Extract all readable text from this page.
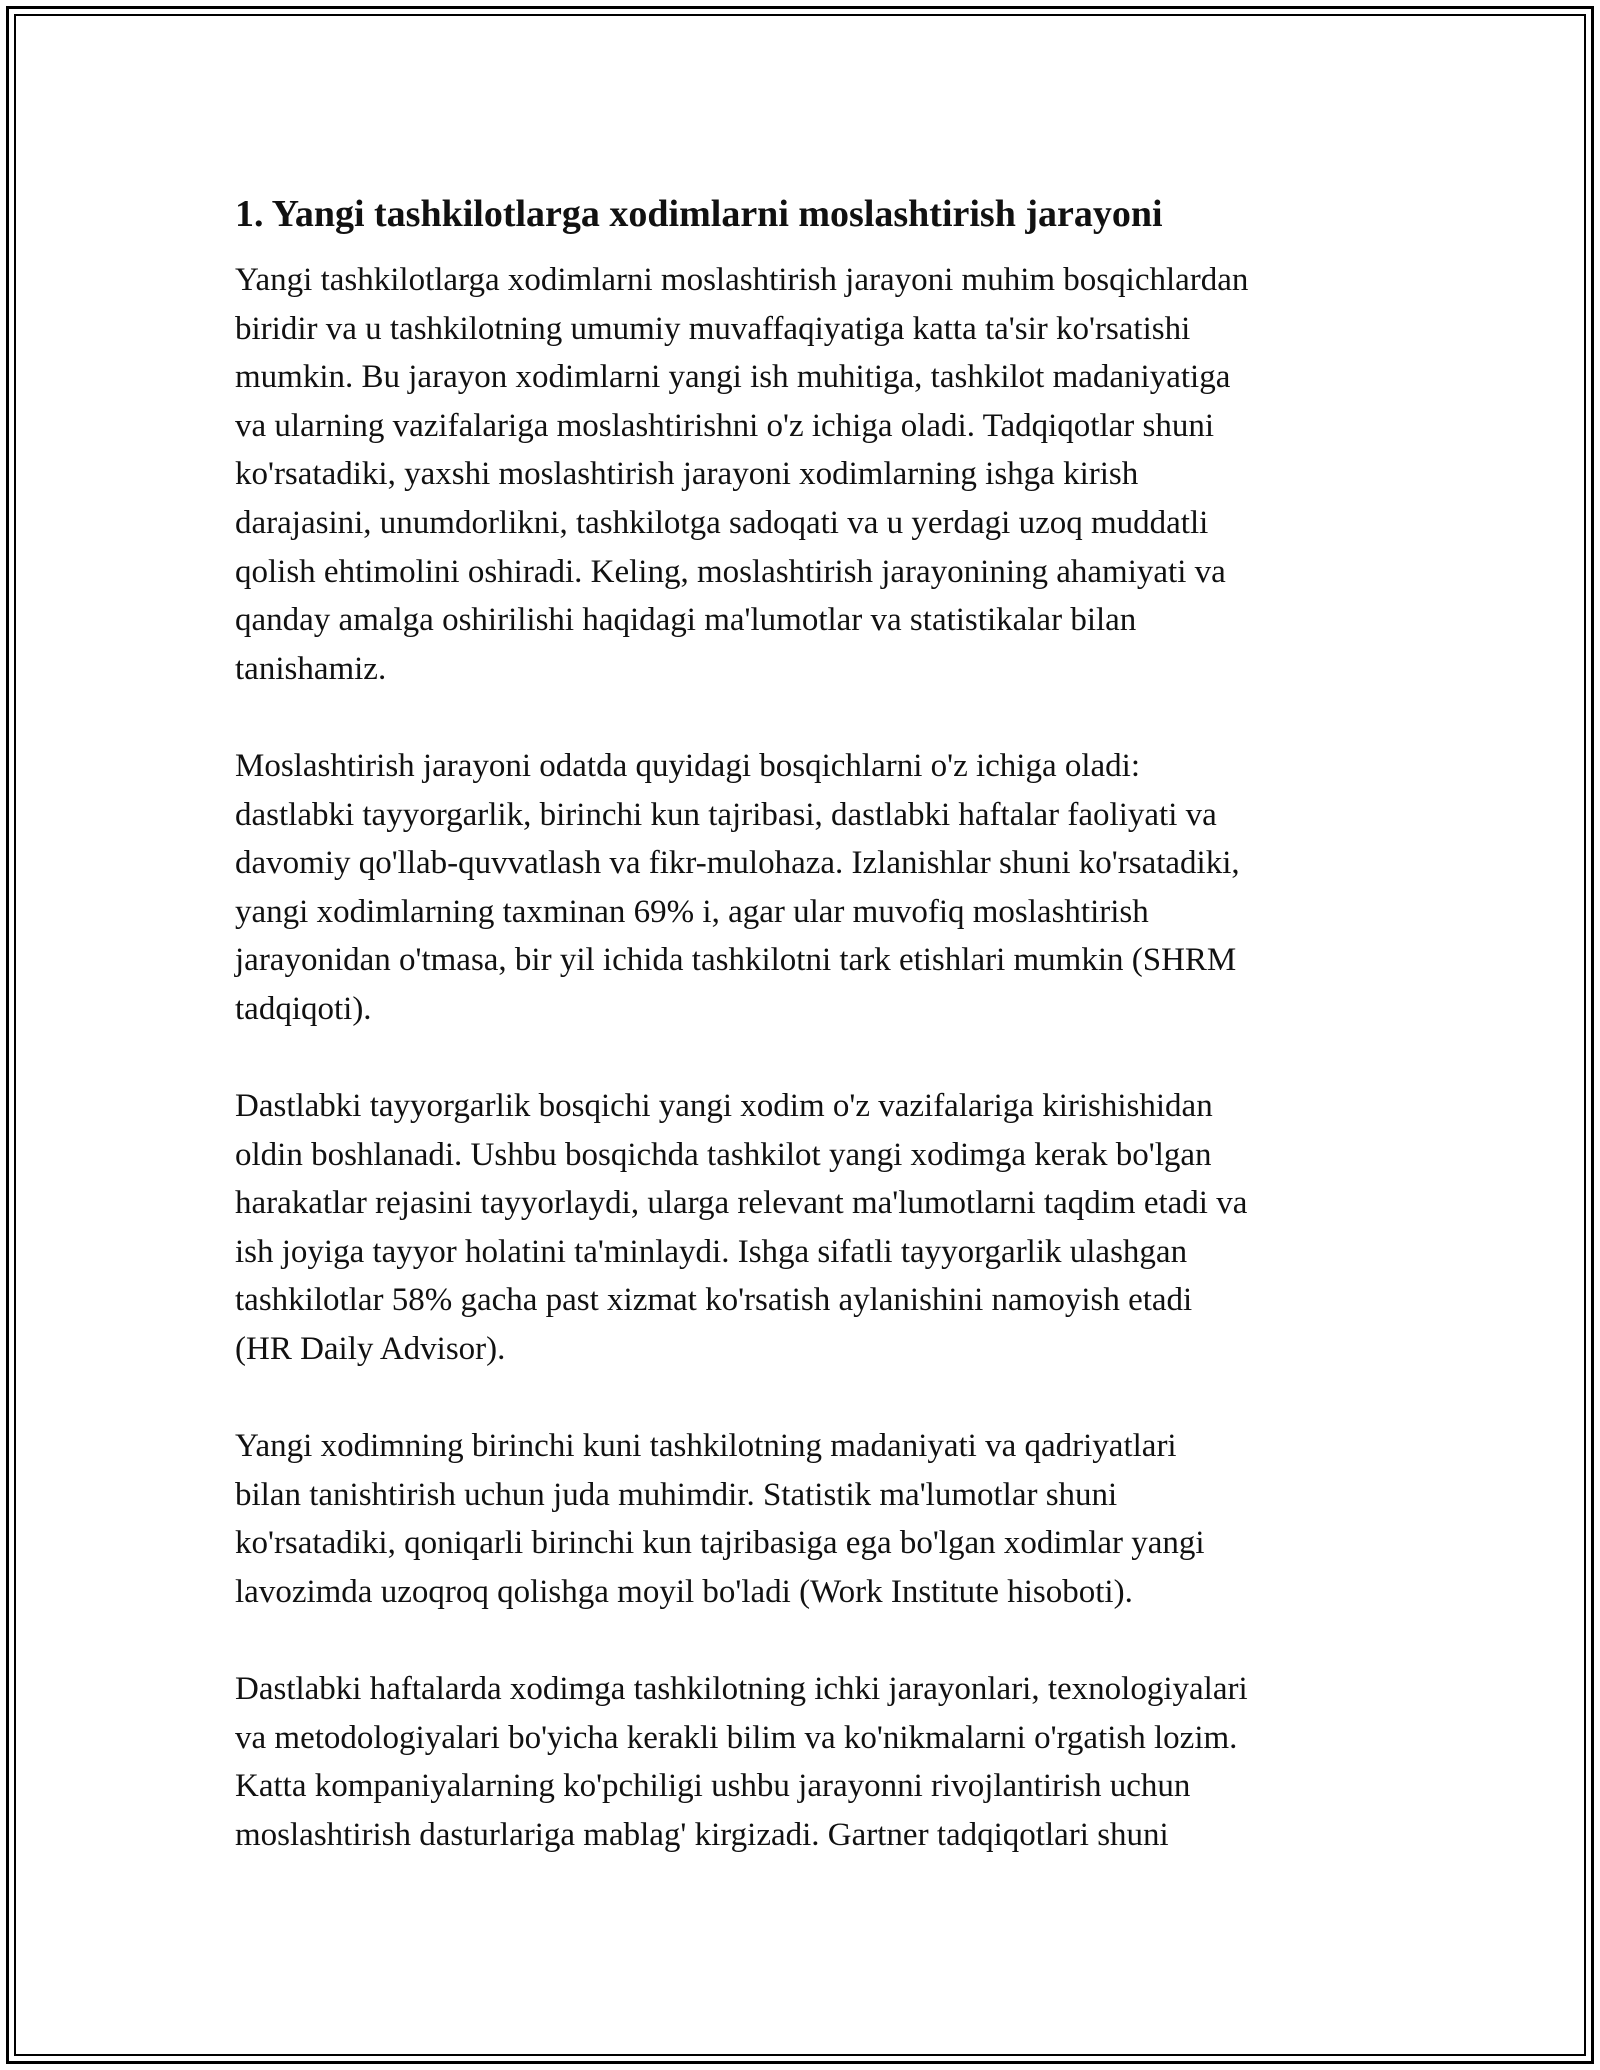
1. Yangi tashkilotlarga xodimlarni moslashtirish jarayoni

Yangi tashkilotlarga xodimlarni moslashtirish jarayoni muhim bosqichlardan
biridir va u tashkilotning umumiy muvaffaqiyatiga katta ta'sir ko'rsatishi
mumkin. Bu jarayon xodimlarni yangi ish muhitiga, tashkilot madaniyatiga
va ularning vazifalariga moslashtirishni o'z ichiga oladi. Tadqiqotlar shuni
ko'rsatadiki, yaxshi moslashtirish jarayoni xodimlarning ishga kirish
darajasini, unumdorlikni, tashkilotga sadoqati va u yerdagi uzoq muddatli
qolish ehtimolini oshiradi. Keling, moslashtirish jarayonining ahamiyati va
qanday amalga oshirilishi haqidagi ma'lumotlar va statistikalar bilan
tanishamiz.

Moslashtirish jarayoni odatda quyidagi bosqichlarni o'z ichiga oladi:
dastlabki tayyorgarlik, birinchi kun tajribasi, dastlabki haftalar faoliyati va
davomiy qo'llab-quvvatlash va fikr-mulohaza. Izlanishlar shuni ko'rsatadiki,
yangi xodimlarning taxminan 69% i, agar ular muvofiq moslashtirish
jarayonidan o'tmasa, bir yil ichida tashkilotni tark etishlari mumkin (SHRM
tadqiqoti).

Dastlabki tayyorgarlik bosqichi yangi xodim o'z vazifalariga kirishishidan
oldin boshlanadi. Ushbu bosqichda tashkilot yangi xodimga kerak bo'lgan
harakatlar rejasini tayyorlaydi, ularga relevant ma'lumotlarni taqdim etadi va
ish joyiga tayyor holatini ta'minlaydi. Ishga sifatli tayyorgarlik ulashgan
tashkilotlar 58% gacha past xizmat ko'rsatish aylanishini namoyish etadi
(HR Daily Advisor).

Yangi xodimning birinchi kuni tashkilotning madaniyati va qadriyatlari
bilan tanishtirish uchun juda muhimdir. Statistik ma'lumotlar shuni
ko'rsatadiki, qoniqarli birinchi kun tajribasiga ega bo'lgan xodimlar yangi
lavozimda uzoqroq qolishga moyil bo'ladi (Work Institute hisoboti).

Dastlabki haftalarda xodimga tashkilotning ichki jarayonlari, texnologiyalari
va metodologiyalari bo'yicha kerakli bilim va ko'nikmalarni o'rgatish lozim.
Katta kompaniyalarning ko'pchiligi ushbu jarayonni rivojlantirish uchun
moslashtirish dasturlariga mablag' kirgizadi. Gartner tadqiqotlari shuni
